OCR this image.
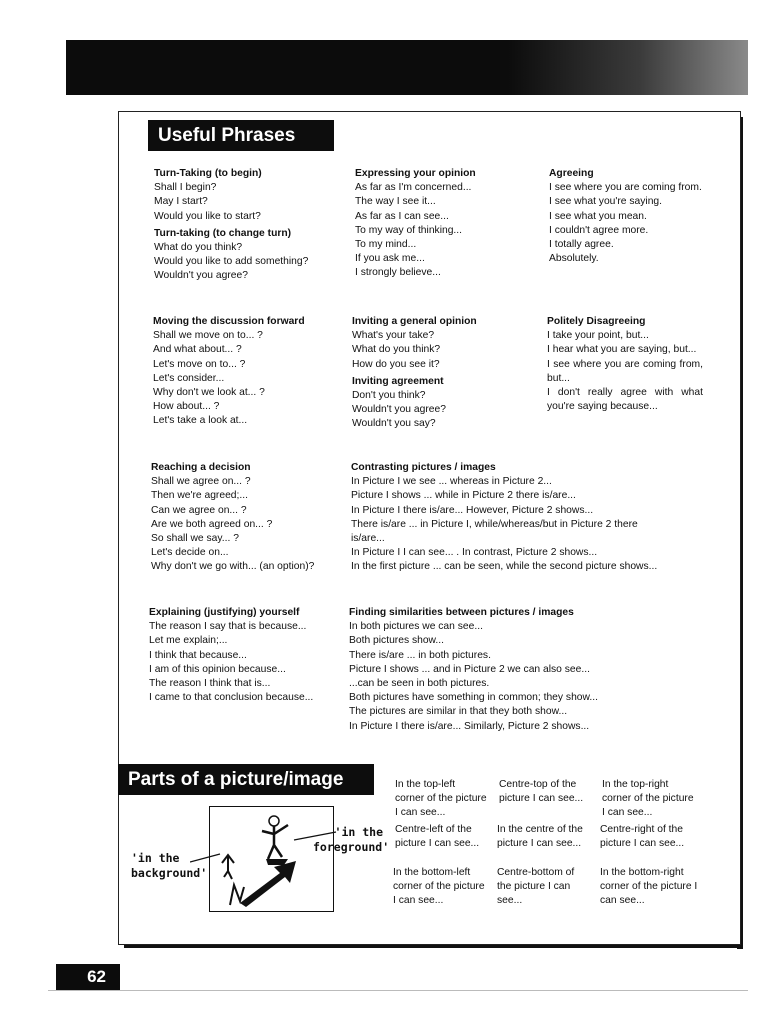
Useful Phrases
Turn-Taking (to begin)
Shall I begin?
May I start?
Would you like to start?
Turn-taking (to change turn)
What do you think?
Would you like to add something?
Wouldn't you agree?
Expressing your opinion
As far as I'm concerned...
The way I see it...
As far as I can see...
To my way of thinking...
To my mind...
If you ask me...
I strongly believe...
Agreeing
I see where you are coming from.
I see what you're saying.
I see what you mean.
I couldn't agree more.
I totally agree.
Absolutely.
Moving the discussion forward
Shall we move on to... ?
And what about... ?
Let's move on to... ?
Let's consider...
Why don't we look at... ?
How about... ?
Let's take a look at...
Inviting a general opinion
What's your take?
What do you think?
How do you see it?
Inviting agreement
Don't you think?
Wouldn't you agree?
Wouldn't you say?
Politely Disagreeing
I take your point, but...
I hear what you are saying, but...
I see where you are coming from, but...
I don't really agree with what you're saying because...
Reaching a decision
Shall we agree on... ?
Then we're agreed;...
Can we agree on... ?
Are we both agreed on... ?
So shall we say... ?
Let's decide on...
Why don't we go with... (an option)?
Contrasting pictures / images
In Picture I we see ... whereas in Picture 2...
Picture I shows ... while in Picture 2 there is/are...
In Picture I there is/are... However, Picture 2 shows...
There is/are ... in Picture I, while/whereas/but in Picture 2 there is/are...
In Picture I I can see... . In contrast, Picture 2 shows...
In the first picture ... can be seen, while the second picture shows...
Explaining (justifying) yourself
The reason I say that is because...
Let me explain;...
I think that because...
I am of this opinion because...
The reason I think that is...
I came to that conclusion because...
Finding similarities between pictures / images
In both pictures we can see...
Both pictures show...
There is/are ... in both pictures.
Picture I shows ... and in Picture 2 we can also see...
...can be seen in both pictures.
Both pictures have something in common; they show...
The pictures are similar in that they both show...
In Picture I there is/are... Similarly, Picture 2 shows...
Parts of a picture/image
'in the foreground'
'in the background'
In the top-left corner of the picture I can see...
Centre-top of the picture I can see...
In the top-right corner of the picture I can see...
Centre-left of the picture I can see...
In the centre of the picture I can see...
Centre-right of the picture I can see...
In the bottom-left corner of the picture I can see...
Centre-bottom of the picture I can see...
In the bottom-right corner of the picture I can see...
62
